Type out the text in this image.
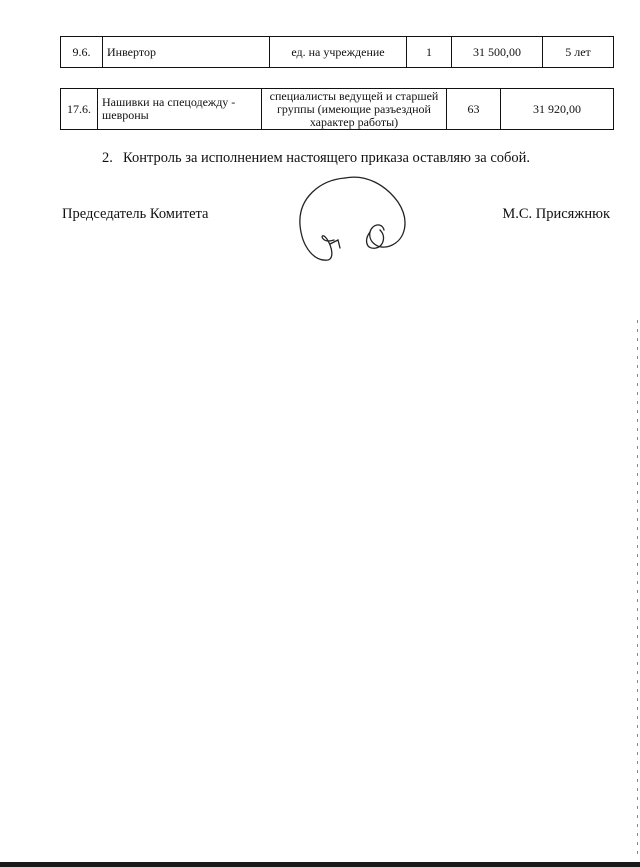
9.6.	Инвертор	ед. на учреждение	1	31 500,00	5 лет
17.6.	Нашивки на спецодежду - шевроны	специалисты ведущей и старшей группы (имеющие разъездной характер работы)	63	31 920,00
2. Контроль за исполнением настоящего приказа оставляю за собой.
Председатель Комитета	М.С. Присяжнюк
